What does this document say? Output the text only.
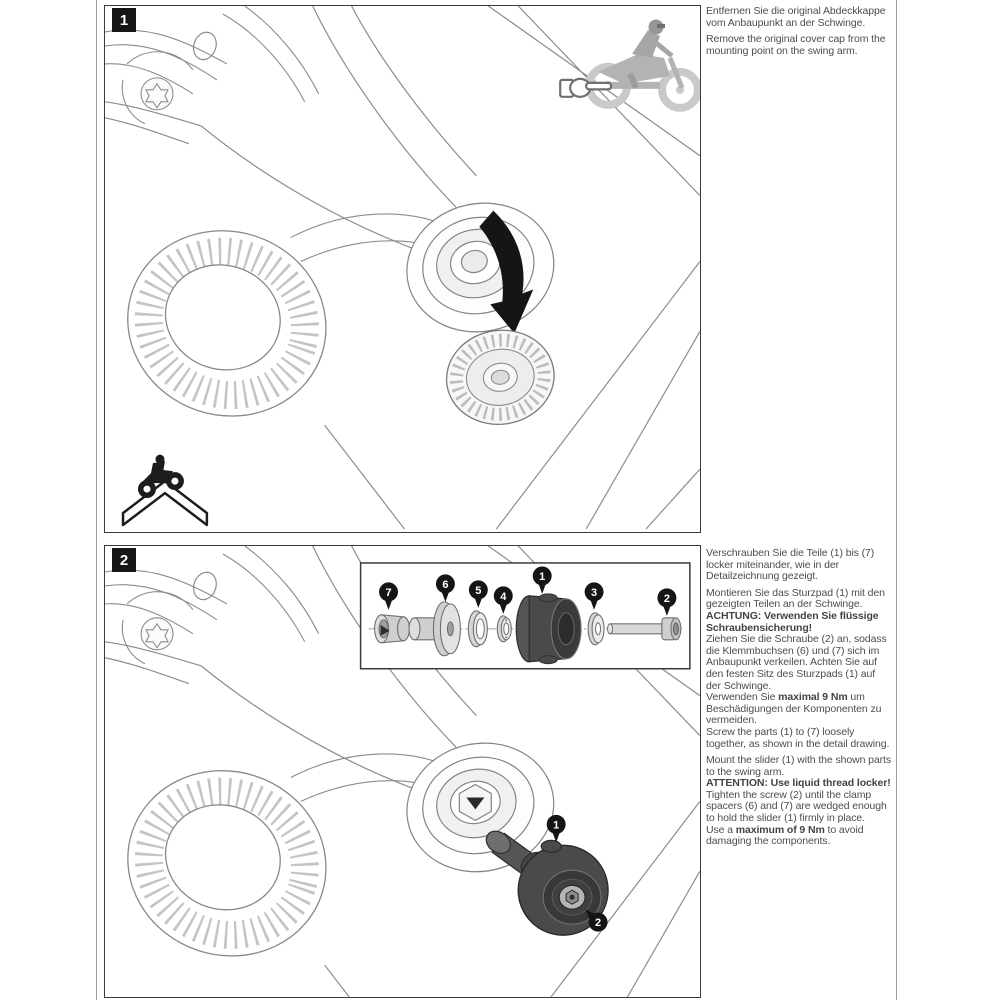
1
1
2
7
6 5 4
1
3	2
2

Entfernen Sie die original Abdeckkappe vom Anbaupunkt an der Schwinge.

Remove the original cover cap from the mounting point on the swing arm.

Verschrauben Sie die Teile (1) bis (7) locker miteinander, wie in der Detailzeichnung gezeigt.

Montieren Sie das Sturzpad (1) mit den gezeigten Teilen an der Schwinge.

ACHTUNG: Verwenden Sie flüssige Schraubensicherung!

Ziehen Sie die Schraube (2) an, sodass die Klemmbuchsen (6) und (7) sich im Anbaupunkt verkeilen. Achten Sie auf den festen Sitz des Sturzpads (1) auf der Schwinge.

Verwenden Sie maximal 9 Nm um Beschädigungen der Komponenten zu vermeiden.

Screw the parts (1) to (7) loosely together, as shown in the detail drawing.

Mount the slider (1) with the shown parts to the swing arm.

ATTENTION: Use liquid thread locker!

Tighten the screw (2) until the clamp spacers (6) and (7) are wedged enough to hold the slider (1) firmly in place.

Use a maximum of 9 Nm to avoid damaging the components.
